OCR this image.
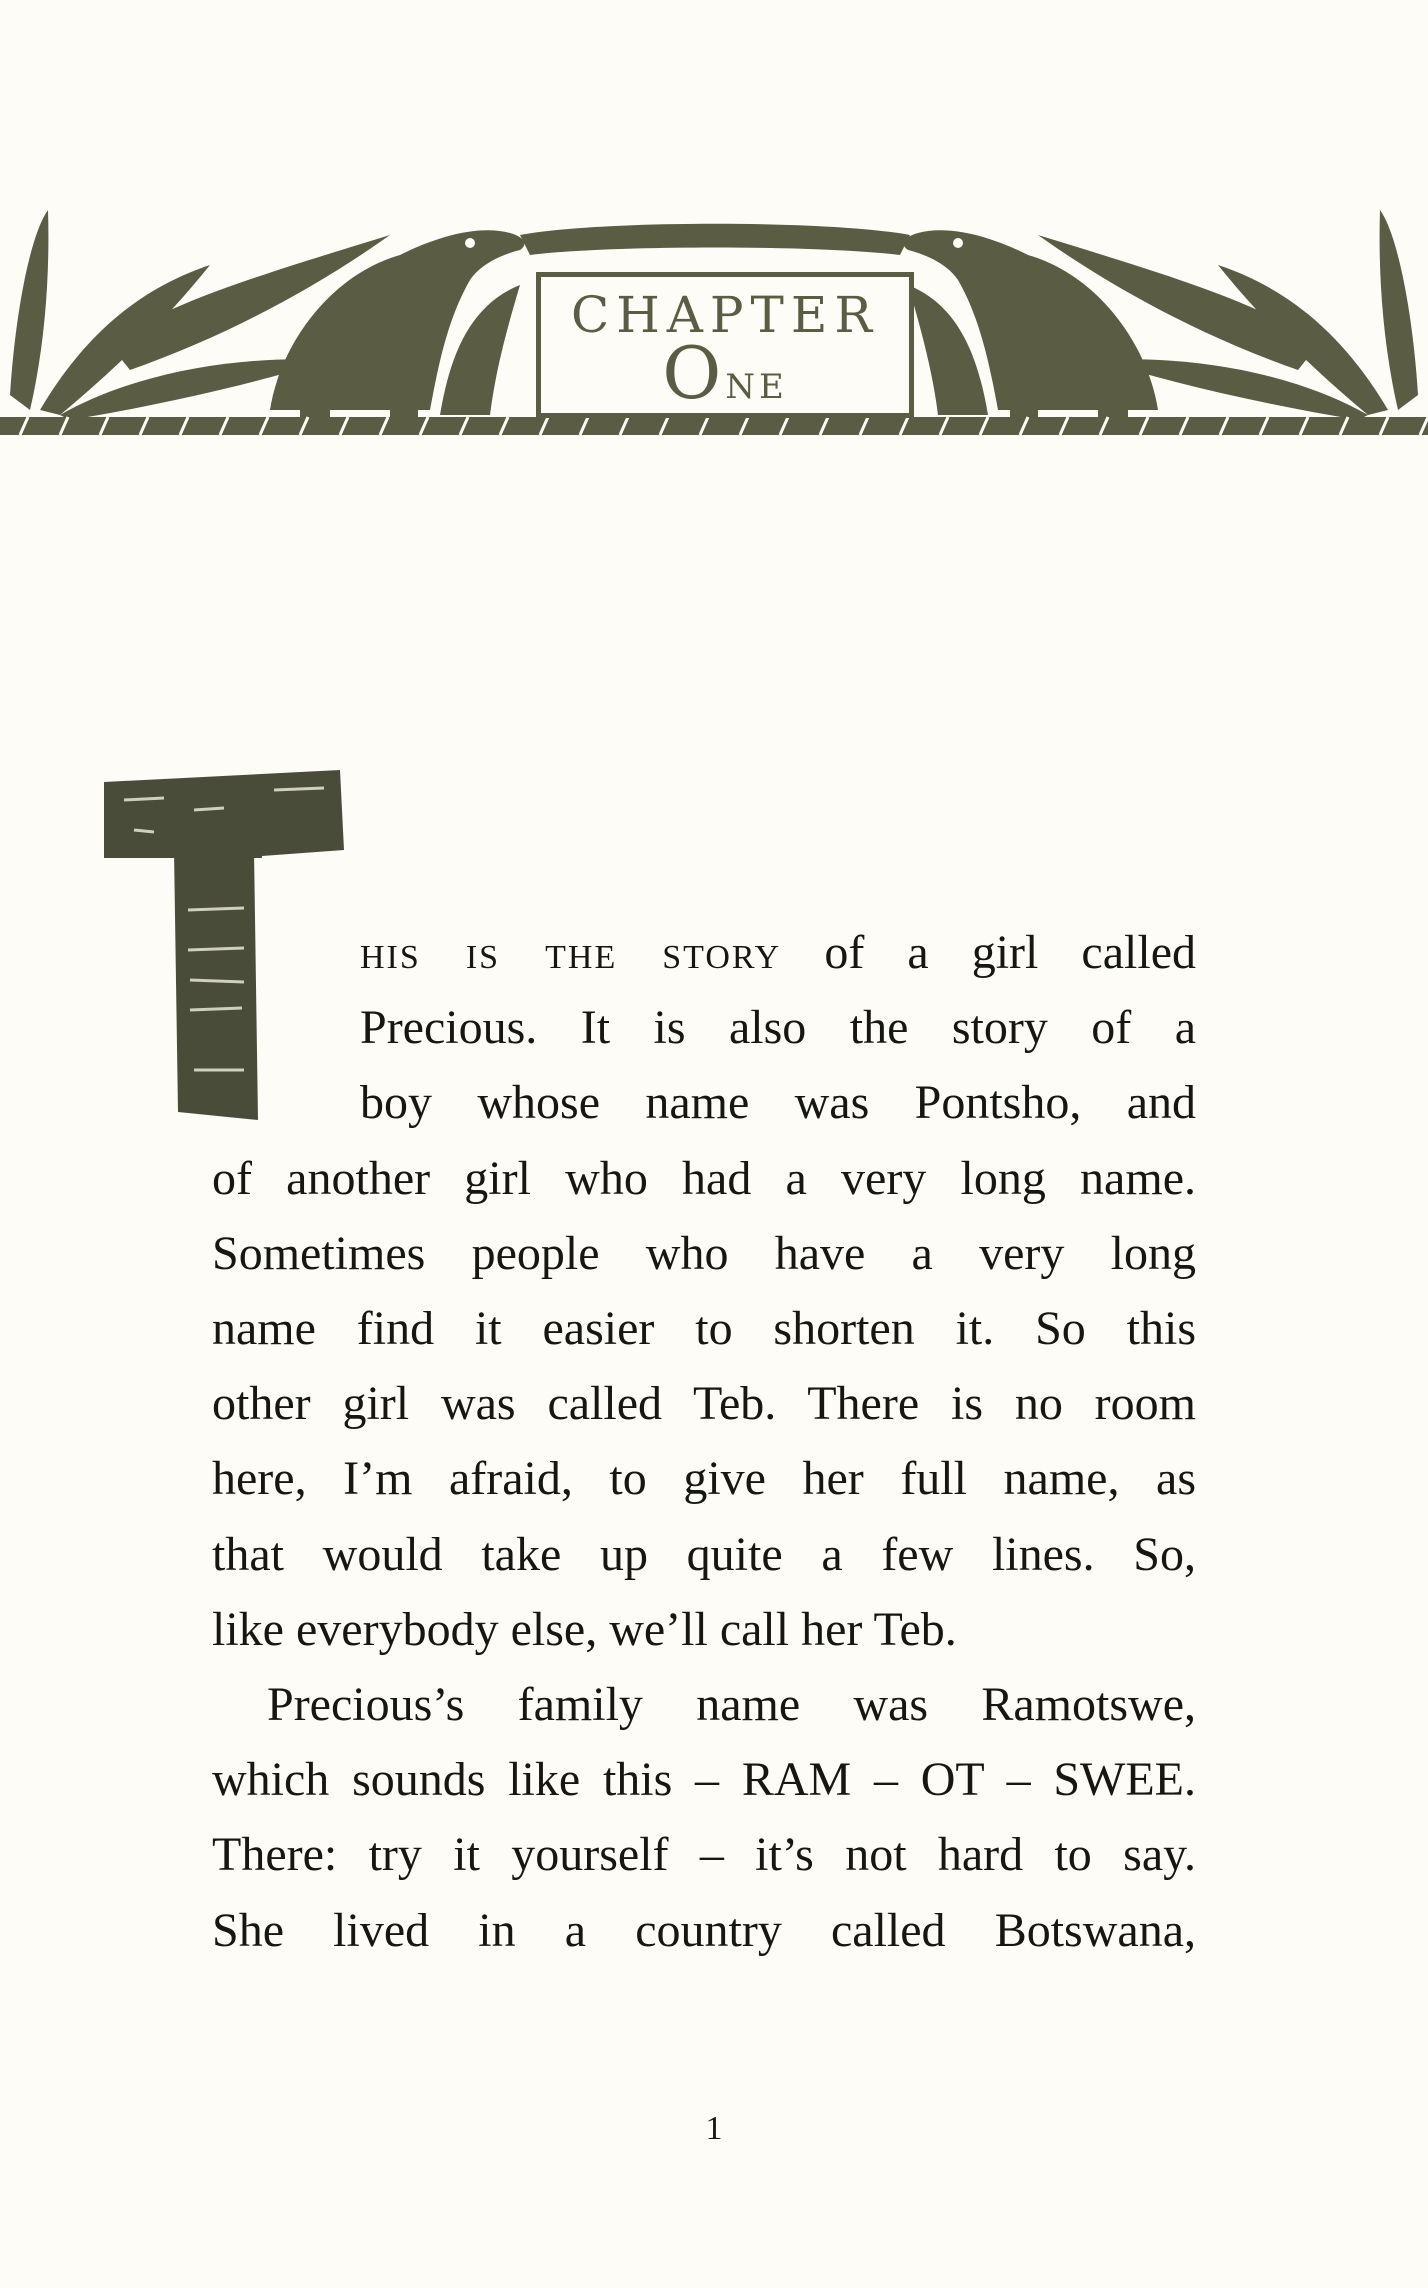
CHAPTER
One
his is the story of a girl called
Precious. It is also the story of a
boy whose name was Pontsho, and
of another girl who had a very long name.
Sometimes people who have a very long
name find it easier to shorten it. So this
other girl was called Teb. There is no room
here, I’m afraid, to give her full name, as
that would take up quite a few lines. So,
like everybody else, we’ll call her Teb.
Precious’s family name was Ramotswe,
which sounds like this – RAM – OT – SWEE.
There: try it yourself – it’s not hard to say.
She lived in a country called Botswana,
1
